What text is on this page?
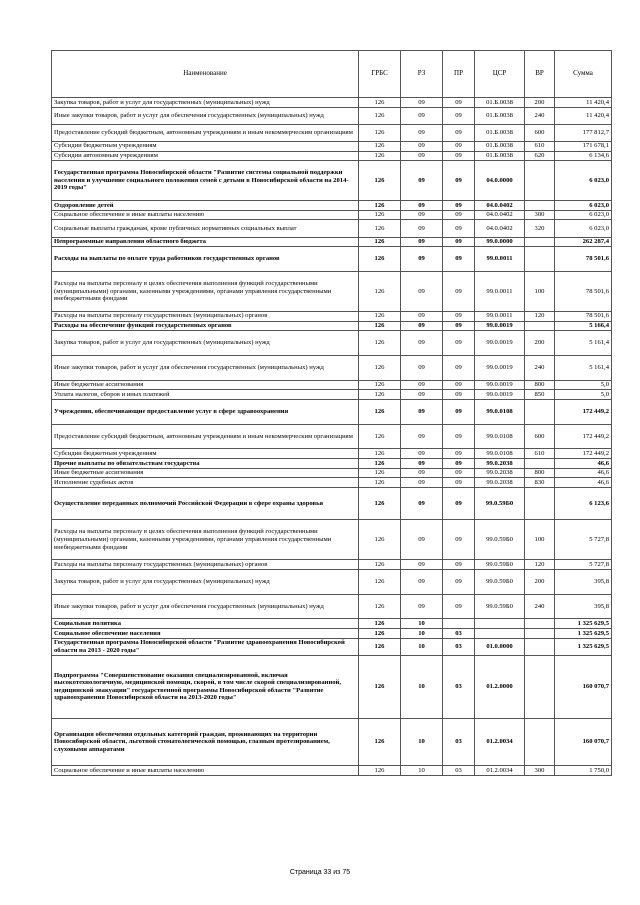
Наименование	ГРБС	РЗ	ПР	ЦСР	ВР	Сумма
Закупка товаров, работ и услуг для государственных (муниципальных) нужд	126	09	09	01.Б.0038	200	11 420,4
Иные закупки товаров, работ и услуг для обеспечения государственных (муниципальных) нужд	126	09	09	01.Б.0038	240	11 420,4
Предоставление субсидий бюджетным, автономным учреждениям и иным некоммерческим организациям	126	09	09	01.Б.0038	600	177 812,7
Субсидии бюджетным учреждениям	126	09	09	01.Б.0038	610	171 678,1
Субсидии автономным учреждениям	126	09	09	01.Б.0038	620	6 134,6
Государственная программа Новосибирской области "Развитие системы социальной поддержки населения и улучшение социального положения семей с детьми в Новосибирской области на 2014-2019 годы"	126	09	09	04.0.0000		6 023,0
Оздоровление детей	126	09	09	04.0.0402		6 023,0
Социальное обеспечение и иные выплаты населению	126	09	09	04.0.0402	300	6 023,0
Социальные выплаты гражданам, кроме публичных нормативных социальных выплат	126	09	09	04.0.0402	320	6 023,0
Непрограммные направления областного бюджета	126	09	09	99.0.0000		262 287,4
Расходы на выплаты по оплате труда работников государственных органов	126	09	09	99.0.0011		78 501,6
Расходы на выплаты персоналу в целях обеспечения выполнения функций государственными (муниципальными) органами, казенными учреждениями, органами управления государственными внебюджетными фондами	126	09	09	99.0.0011	100	78 501,6
Расходы на выплаты персоналу государственных (муниципальных) органов	126	09	09	99.0.0011	120	78 501,6
Расходы на обеспечение функций государственных органов	126	09	09	99.0.0019		5 166,4
Закупка товаров, работ и услуг для государственных (муниципальных) нужд	126	09	09	99.0.0019	200	5 161,4
Иные закупки товаров, работ и услуг для обеспечения государственных (муниципальных) нужд	126	09	09	99.0.0019	240	5 161,4
Иные бюджетные ассигнования	126	09	09	99.0.0019	800	5,0
Уплата налогов, сборов и иных платежей	126	09	09	99.0.0019	850	5,0
Учреждения, обеспечивающие предоставление услуг в сфере здравоохранения	126	09	09	99.0.0108		172 449,2
Предоставление субсидий бюджетным, автономным учреждениям и иным некоммерческим организациям	126	09	09	99.0.0108	600	172 449,2
Субсидии бюджетным учреждениям	126	09	09	99.0.0108	610	172 449,2
Прочие выплаты по обязательствам государства	126	09	09	99.0.2038		46,6
Иные бюджетные ассигнования	126	09	09	99.0.2038	800	46,6
Исполнение судебных актов	126	09	09	99.0.2038	830	46,6
Осуществление переданных полномочий Российской Федерации в сфере охраны здоровья	126	09	09	99.0.59Б0		6 123,6
Расходы на выплаты персоналу в целях обеспечения выполнения функций государственными (муниципальными) органами, казенными учреждениями, органами управления государственными внебюджетными фондами	126	09	09	99.0.59Б0	100	5 727,8
Расходы на выплаты персоналу государственных (муниципальных) органов	126	09	09	99.0.59Б0	120	5 727,8
Закупка товаров, работ и услуг для государственных (муниципальных) нужд	126	09	09	99.0.59Б0	200	395,8
Иные закупки товаров, работ и услуг для обеспечения государственных (муниципальных) нужд	126	09	09	99.0.59Б0	240	395,8
Социальная политика	126	10				1 325 629,5
Социальное обеспечение населения	126	10	03			1 325 629,5
Государственная программа Новосибирской области "Развитие здравоохранения Новосибирской области на 2013 - 2020 годы"	126	10	03	01.0.0000		1 325 629,5
Подпрограмма "Совершенствование оказания специализированной, включая высокотехнологичную, медицинской помощи, скорой, в том числе скорой специализированной, медицинской эвакуации" государственной программы Новосибирской области "Развитие здравоохранения Новосибирской области на 2013-2020 годы"	126	10	03	01.2.0000		160 070,7
Организация обеспечения отдельных категорий граждан, проживающих на территории Новосибирской области, льготной стоматологической помощью, глазным протезированием, слуховыми аппаратами	126	10	03	01.2.0034		160 070,7
Социальное обеспечение и иные выплаты населению	126	10	03	01.2.0034	300	1 750,0
Страница 33 из 75
